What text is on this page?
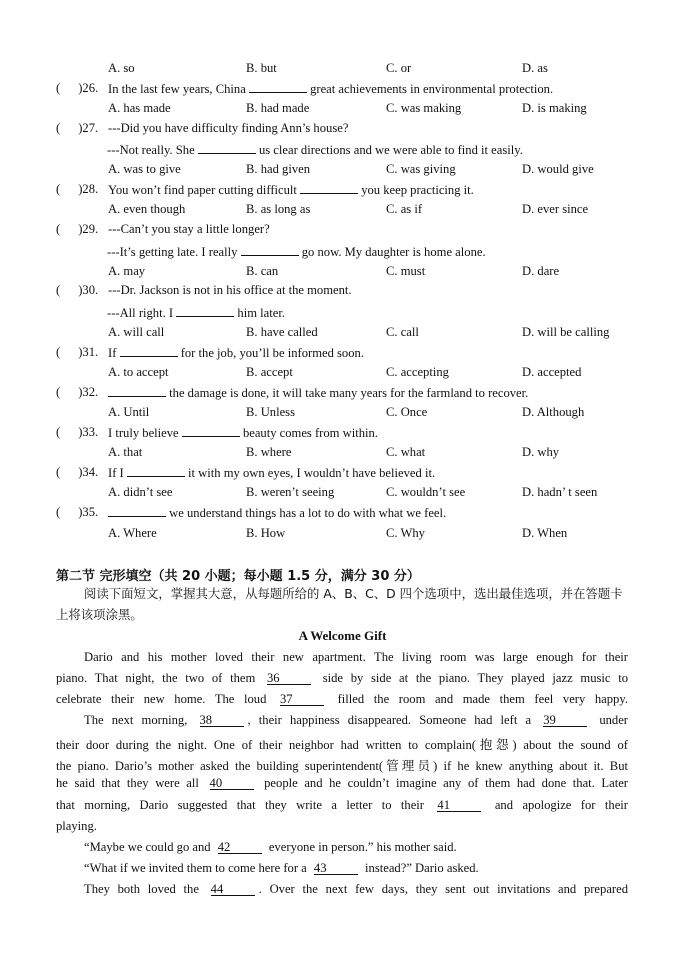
A. so	B. but	C. or	D. as
( )26. In the last few years, China	great achievements in environmental protection.
A. has made	B. had made	C. was making	D. is making
( )27. ---Did you have difficulty finding Ann’s house?
---Not really. She	us clear directions and we were able to find it easily.
A. was to give	B. had given	C. was giving	D. would give
( )28. You won’t find paper cutting difficult	you keep practicing it.
A. even though	B. as long as	C. as if	D. ever since
( )29. ---Can’t you stay a little longer?
---It’s getting late. I really	go now. My daughter is home alone.
A. may	B. can	C. must	D. dare
( )30. ---Dr. Jackson is not in his office at the moment.
---All right. I	him later.
A. will call	B. have called	C. call	D. will be calling
( )31. If	for the job, you’ll be informed soon.
A. to accept	B. accept	C. accepting	D. accepted
( )32.	the damage is done, it will take many years for the farmland to recover.
A. Until	B. Unless	C. Once	D. Although
( )33. I truly believe	beauty comes from within.
A. that	B. where	C. what	D. why
( )34. If I	it with my own eyes, I wouldn’t have believed it.
A. didn’t see	B. weren’t seeing	C. wouldn’t see	D. hadn’ t seen
( )35.	we understand things has a lot to do with what we feel.
A. Where	B. How	C. Why	D. When
第二节 完形填空（共 20 小题；每小题 1.5 分，满分 30 分）
阅读下面短文，掌握其大意，从每题所给的 A、B、C、D 四个选项中，选出最佳选项，并在答题卡上将该项涂黑。
A Welcome Gift
Dario and his mother loved their new apartment. The living room was large enough for their
piano. That night, the two of them 36	side by side at the piano. They played jazz music to
celebrate their new home. The loud 37	filled the room and made them feel very happy.
The next morning, 38	, their happiness disappeared. Someone had left a 39	under
their door during the night. One of their neighbor had written to complain(抱怨) about the sound of
the piano. Dario’s mother asked the building superintendent(管理员) if he knew anything about it. But
he said that they were all 40	people and he couldn’t imagine any of them had done that. Later
that morning, Dario suggested that they write a letter to their 41	and apologize for their
playing.
“Maybe we could go and 42	everyone in person.” his mother said.
“What if we invited them to come here for a 43	instead?” Dario asked.
They both loved the 44	. Over the next few days, they sent out invitations and prepared
